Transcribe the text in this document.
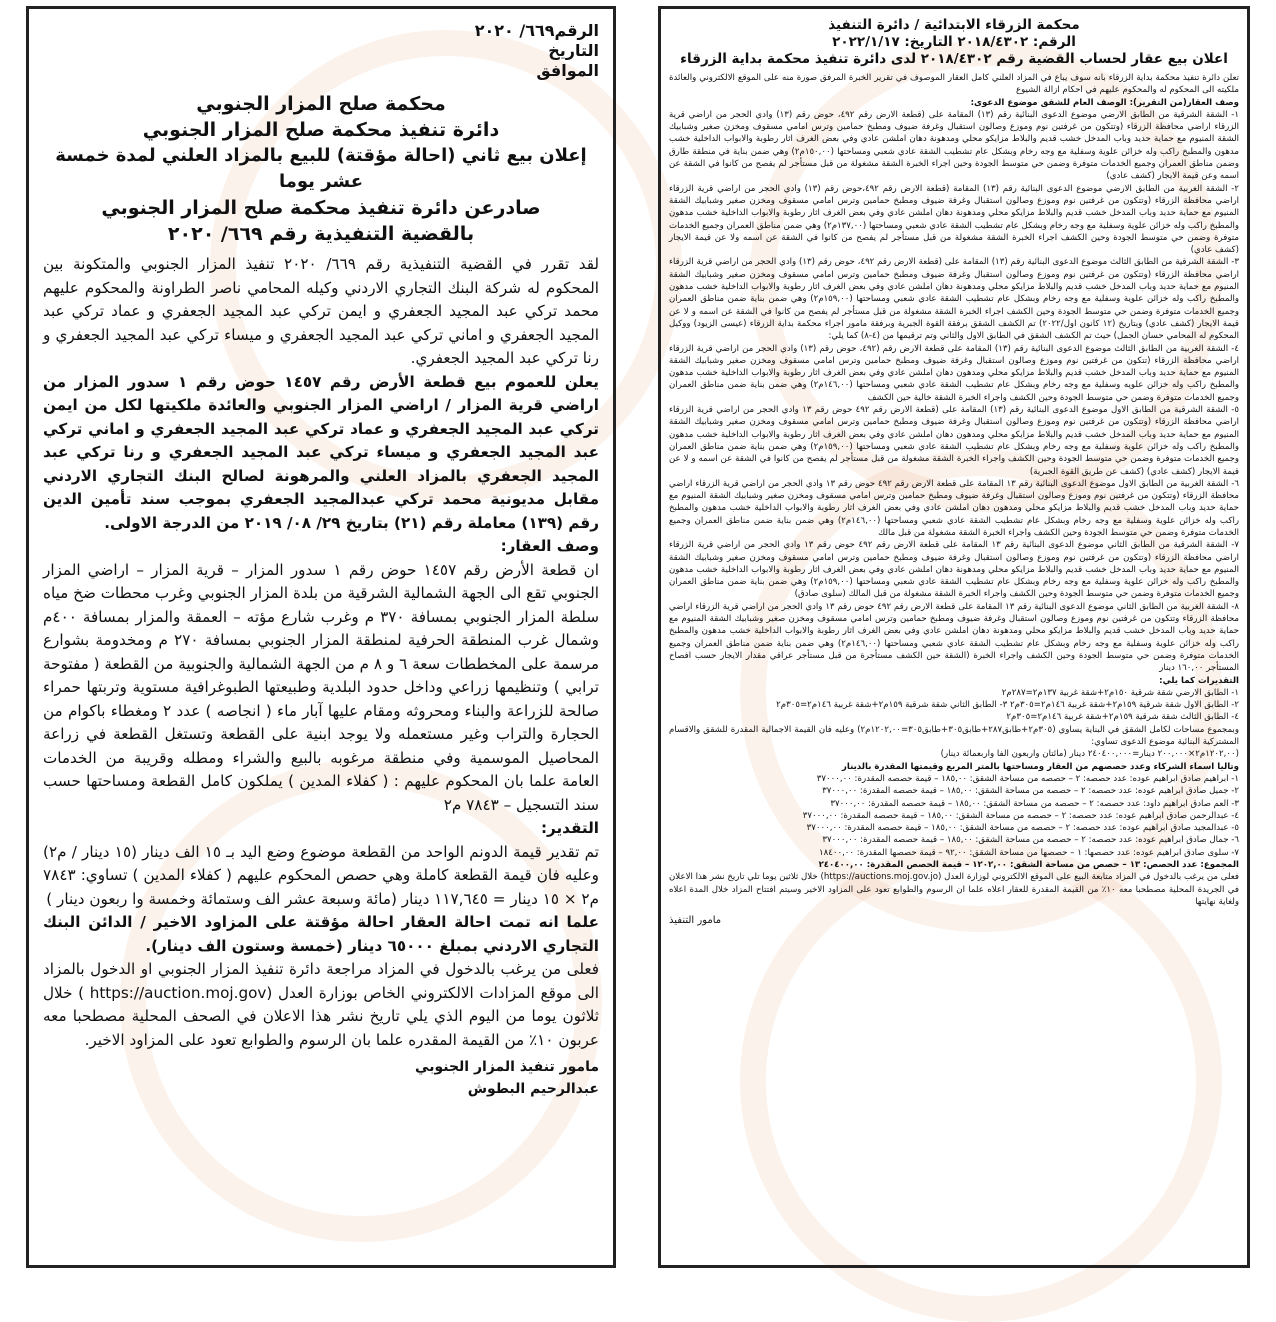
الرقم٦٦٩/ ٢٠٢٠
التاريخ
الموافق

محكمة صلح المزار الجنوبي

دائرة تنفيذ محكمة صلح المزار الجنوبي

إعلان بيع ثاني (احالة مؤقتة) للبيع بالمزاد العلني لمدة خمسة عشر يوما

صادرعن دائرة تنفيذ محكمة صلح المزار الجنوبي

بالقضية التنفيذية رقم ٦٦٩/ ٢٠٢٠

لقد تقرر في القضية التنفيذية رقم ٦٦٩/ ٢٠٢٠ تنفيذ المزار الجنوبي والمتكونة بين المحكوم له شركة البنك التجاري الاردني وكيله المحامي ناصر الطراونة والمحكوم عليهم محمد تركي عبد المجيد الجعفري و ايمن تركي عبد المجيد الجعفري و عماد تركي عبد المجيد الجعفري و اماني تركي عبد المجيد الجعفري و ميساء تركي عبد المجيد الجعفري و رنا تركي عبد المجيد الجعفري.

يعلن للعموم بيع قطعة الأرض رقم ١٤٥٧ حوض رقم ١ سدور المزار من اراضي قرية المزار / اراضي المزار الجنوبي والعائدة ملكيتها لكل من ايمن تركي عبد المجيد الجعفري و عماد تركي عبد المجيد الجعفري و اماني تركي عبد المجيد الجعفري و ميساء تركي عبد المجيد الجعفري و رنا تركي عبد المجيد الجعفري بالمزاد العلني والمرهونة لصالح البنك التجاري الاردني مقابل مديونية محمد تركي عبدالمجيد الجعفري بموجب سند تأمين الدين رقم (١٣٩) معاملة رقم (٢١) بتاريخ ٢٩/ ٠٨/ ٢٠١٩ من الدرجة الاولى.

وصف العقار:

ان قطعة الأرض رقم ١٤٥٧ حوض رقم ١ سدور المزار – قرية المزار – اراضي المزار الجنوبي تقع الى الجهة الشمالية الشرقية من بلدة المزار الجنوبي وغرب محطات ضخ مياه سلطة المزار الجنوبي بمسافة ٣٧٠ م وغرب شارع مؤته – العمقة والمزار بمسافة ٤٠٠م وشمال غرب المنطقة الحرفية لمنطقة المزار الجنوبي بمسافة ٢٧٠ م ومخدومة بشوارع مرسمة على المخططات سعة ٦ و ٨ م من الجهة الشمالية والجنوبية من القطعة ( مفتوحة ترابي ) وتنظيمها زراعي وداخل حدود البلدية وطبيعتها الطبوغرافية مستوية وتربتها حمراء صالحة للزراعة والبناء ومحروثه ومقام عليها آبار ماء ( انجاصه ) عدد ٢ ومغطاء باكوام من الحجارة والتراب وغير مستعمله ولا يوجد ابنية على القطعة وتستغل القطعة في زراعة المحاصيل الموسمية وفي منطقة مرغوبه بالبيع والشراء ومطله وقريبة من الخدمات العامة علما بان المحكوم عليهم : ( كفلاء المدين ) يملكون كامل القطعة ومساحتها حسب سند التسجيل – ٧٨٤٣ م٢

التقدير:

تم تقدير قيمة الدونم الواحد من القطعة موضوع وضع اليد بـ ١٥ الف دينار (١٥ دينار / م٢) وعليه فان قيمة القطعة كاملة وهي حصص المحكوم عليهم ( كفلاء المدين ) تساوي: ٧٨٤٣ م٢ × ١٥ دينار = ١١٧,٦٤٥ دينار (مائة وسبعة عشر الف وستمائة وخمسة وا ربعون دينار )

علما انه تمت احالة العقار احالة مؤقتة على المزاود الاخير / الدائن البنك التجاري الاردني بمبلغ ٦٥٠٠٠ دينار (خمسة وستون الف دينار).

فعلى من يرغب بالدخول في المزاد مراجعة دائرة تنفيذ المزار الجنوبي او الدخول بالمزاد الى موقع المزادات الالكتروني الخاص بوزارة العدل (https://auction.moj.gov ) خلال ثلاثون يوما من اليوم الذي يلي تاريخ نشر هذا الاعلان في الصحف المحلية مصطحبا معه عربون ١٠٪ من القيمة المقدره علما بان الرسوم والطوابع تعود على المزاود الاخير.

مامور تنفيذ المزار الجنوبي

عبدالرحيم البطوش

محكمة الزرقاء الابتدائية / دائرة التنفيذ

الرقم: ٢٠١٨/٤٣٠٢ التاريخ: ٢٠٢٢/١/١٧

اعلان بيع عقار لحساب القضية رقم ٢٠١٨/٤٣٠٢ لدى دائرة تنفيذ محكمة بداية الزرقاء

تعلن دائرة تنفيذ محكمة بداية الزرقاء بانه سوف يباع في المزاد العلني كامل العقار الموصوف في تقرير الخبرة المرفق صورة منه على الموقع الالكتروني والعائدة ملكيته الى المحكوم له والمحكوم عليهم في احكام ازالة الشيوع

وصف العقار(من التقرير): الوصف العام للشقق موضوع الدعوى:

١- الشقة الشرقية من الطابق الارضي موضوع الدعوى البنائية رقم (١٣) المقامة على (قطعة الارض رقم ٤٩٢، حوض رقم (١٣) وادي الحجر من اراضي قرية الزرقاء اراضي محافظة الزرقاء (وتتكون من غرفتين نوم وموزع وصالون استقبال وغرفة ضيوف ومطبخ حمامين وترس امامي مسقوف ومخزن صغير وشبابيك الشقة المنيوم مع حماية حديد وباب المدخل خشب قديم والبلاط مزايكو محلي ومدهونة دهان املشن عادي وفي بعض الغرف اثار رطوبة والابواب الداخلية خشب مدهون والمطبخ راكب وله خزائن علوية وسفلية مع وجه رخام وبشكل عام تشطيب الشقة عادي شعبي ومساحتها (١٥٠,٠٠م٢) وهي ضمن بناية في منطقة طارق وضمن مناطق العمران وجميع الخدمات متوفرة وضمن حي متوسط الجودة وحين اجراء الخبرة الشقة مشغولة من قبل مستأجر لم يفصح من كانوا في الشقة عن اسمه وعن قيمة الايجار (كشف عادي)

٢- الشقة الغربية من الطابق الارضي موضوع الدعوى البنائية رقم (١٣) المقامة (قطعة الارض رقم ٤٩٢،حوض رقم (١٣) وادي الحجر من اراضي قرية الزرقاء اراضي محافظة الزرقاء (وتتكون من غرفتين نوم وموزع وصالون استقبال وغرفة ضيوف ومطبخ حمامين وترس امامي مسقوف ومخزن صغير وشبابيك الشقة المنيوم مع حماية حديد وباب المدخل خشب قديم والبلاط مزايكو محلي ومدهونة دهان املشن عادي وفي بعض الغرف اثار رطوبة والابواب الداخلية خشب مدهون والمطبخ راكب وله خزائن علوية وسفلية مع وجه رخام وبشكل عام تشطيب الشقة عادي شعبي ومساحتها (١٣٧,٠٠م٢) وهي ضمن مناطق العمران وجميع الخدمات متوفرة وضمن حي متوسط الجودة وحين الكشف اجراء الخبرة الشقة مشغولة من قبل مستأجر لم يفصح من كانوا في الشقة عن اسمه ولا عن قيمة الايجار (كشف عادي)

٣- الشقة الشرقية من الطابق الثالث موضوع الدعوى البنائية رقم (١٣) المقامة على (قطعة الارض رقم ٤٩٢، حوض رقم (١٣) وادي الحجر من اراضي قرية الزرقاء اراضي محافظة الزرقاء (وتتكون من غرفتين نوم وموزع وصالون استقبال وغرفة ضيوف ومطبخ حمامين وترس امامي مسقوف ومخزن صغير وشبابيك الشقة المنيوم مع حماية حديد وباب المدخل خشب قديم والبلاط مزايكو محلي ومدهونة دهان املشن عادي وفي بعض الغرف اثار رطوبة والابواب الداخلية خشب مدهون والمطبخ راكب وله خزائن علوية وسفلية مع وجه رخام وبشكل عام تشطيب الشقة عادي شعبي ومساحتها (١٥٩,٠٠م٢) وهي ضمن بناية ضمن مناطق العمران وجميع الخدمات متوفرة وضمن حي متوسط الجودة وحين الكشف اجراء الخبرة الشقة مشغولة من قبل مستأجر لم يفصح من كانوا في الشقة عن اسمه و لا عن قيمة الايجار (كشف عادي) وبتاريخ (١٢ كانون اول/٢٠٢٢) تم الكشف الشقق برفقة القوة الجبرية وبرفقة مامور اجراء محكمة بداية الزرقاء (عيسى الزيود) ووكيل المحكوم له المحامي حسان الجمل) حيث تم الكشف الشقق في الطابق الاول والثاني وتم ترقيمها من (٤-٨) كما يلي:

٤- الشقة الغربية من الطابق الثالث موضوع الدعوى البنائية رقم (١٣) المقامة على قطعة الارض رقم (٤٩٢، حوض رقم (١٣) وادي الحجر من اراضي قرية الزرقاء اراضي محافظة الزرقاء (تتكون من غرفتين نوم وموزع وصالون استقبال وغرفة ضيوف ومطبخ حمامين وترس امامي مسقوف ومخزن صغير وشبابيك الشقة المنيوم مع حماية حديد وباب المدخل خشب قديم والبلاط مزايكو محلي ومدهون دهان املشن عادي وفي بعض الغرف اثار رطوبة والابواب الداخلية خشب مدهون والمطبخ راكب وله خزائن علويه وسفلية مع وجه رخام وبشكل عام تشطيب الشقة عادي شعبي ومساحتها (١٤٦,٠٠م٢) وهي ضمن بناية ضمن مناطق العمران وجميع الخدمات متوفرة وضمن حي متوسط الجودة وحين الكشف واجراء الخبرة الشقة خالية حين الكشف

٥- الشقة الشرقية من الطابق الاول موضوع الدعوى البنائية رقم (١٣) المقامة على (قطعة الارض رقم ٤٩٢ حوض رقم ١٣ وادي الحجر من اراضي قرية الزرقاء اراضي محافظة الزرقاء (وتتكون من غرفتين نوم وموزع وصالون استقبال وغرفة ضيوف ومطبخ حمامين وترس امامي مسقوف ومخزن صغير وشبابيك الشقة المنيوم مع حماية حديد وباب المدخل خشب قديم والبلاط مزايكو محلي ومدهون دهان املشن عادي وفي بعض الغرف اثار رطوبة والابواب الداخلية خشب مدهون والمطبخ راكب وله خزائن علوية وسفلية مع وجه رخام وبشكل عام تشطيب الشقة عادي شعبي ومساحتها (١٥٩,٠٠م٢) وهي ضمن بناية ضمن مناطق العمران وجميع الخدمات متوفرة وضمن حي متوسط الجودة وحين الكشف واجراء الخبرة الشقة مشغولة من قبل مستأجر لم يفصح من كانوا في الشقة عن اسمه و لا عن قيمة الايجار (كشف عادي) (كشف عن طريق القوة الجبرية)

٦- الشقة الغربية من الطابق الاول موضوع الدعوى البنائية رقم ١٣ المقامة على قطعة الارض رقم ٤٩٢ حوض رقم ١٣ وادي الحجر من اراضي قرية الزرقاء اراضي محافظة الزرقاء (وتتكون من غرفتين نوم وموزع وصالون استقبال وغرفة ضيوف ومطبخ حمامين وترس امامي مسقوف ومخزن صغير وشبابيك الشقة المنيوم مع حماية حديد وباب المدخل خشب قديم والبلاط مزايكو محلي ومدهون دهان املشن عادي وفي بعض الغرف اثار رطوبة والابواب الداخلية خشب مدهون والمطبخ راكب وله خزائن علوية وسفلية مع وجه رخام وبشكل عام تشطيب الشقة عادي شعبي ومساحتها (١٤٦,٠٠م٢) وهي ضمن بناية ضمن مناطق العمران وجميع الخدمات متوفرة وضمن حي متوسط الجودة وحين الكشف واجراء الخبرة الشقة مشغولة من قبل مالك

٧- الشقة الشرقية من الطابق الثاني موضوع الدعوى البنائية رقم ١٣ المقامة على قطعة الارض رقم ٤٩٢ حوض رقم ١٣ وادي الحجر من اراضي قرية الزرقاء اراضي محافظة الزرقاء (وتتكون من غرفتين نوم وموزع وصالون استقبال وغرفة ضيوف ومطبخ حمامين وترس امامي مسقوف ومخزن صغير وشبابيك الشقة المنيوم مع حماية حديد وباب المدخل خشب قديم والبلاط مزايكو محلي ومدهونة دهان املشن عادي وفي بعض الغرف اثار رطوبة والابواب الداخلية خشب مدهون والمطبخ راكب وله خزائن علوية وسفلية مع وجه رخام وبشكل عام تشطيب الشقة عادي شعبي ومساحتها (١٥٩,٠٠م٢) وهي ضمن بناية ضمن مناطق العمران وجميع الخدمات متوفرة وضمن حي متوسط الجودة وحين الكشف واجراء الخبرة الشقة مشغولة من قبل المالك (سلوى صادق)

٨- الشقة الغربية من الطابق الثاني موضوع الدعوى البنائية رقم ١٣ المقامة على قطعة الارض رقم ٤٩٢ حوض رقم ١٣ وادي الحجر من اراضي قرية الزرقاء اراضي محافظة الزرقاء وتتكون من غرفتين نوم وموزع وصالون استقبال وغرفة ضيوف ومطبخ حمامين وترس امامي مسقوف ومخزن صغير وشبابيك الشقة المنيوم مع حماية حديد وباب المدخل خشب قديم والبلاط مزايكو محلي ومدهونة دهان املشن عادي وفي بعض الغرف اثار رطوبة والابواب الداخلية خشب مدهون والمطبخ راكب وله خزائن علوية وسفلية مع وجه رخام وبشكل عام تشطيب الشقة عادي شعبي ومساحتها (١٤٦,٠٠م٢) وهي ضمن بناية ضمن مناطق العمران وجميع الخدمات متوفرة وضمن حي متوسط الجودة وحين الكشف واجراء الخبرة (الشقة حين الكشف مستأجرة من قبل مستأجر عراقي مقدار الايجار حسب افصاح المستأجر ١٦٠,٠٠ دينار

التقديرات كما يلي:

١- الطابق الارضي شقة شرقية ١٥٠م٢+شقة غربية ١٣٧م٢=٢٨٧م٢

٢- الطابق الاول شقة شرقية ١٥٩م٢+شقة غربية ١٤٦م٢=٣٠٥م٢ ٣- الطابق الثاني شقة شرقية ١٥٩م٢+شقة غربية ١٤٦م٢=٣٠٥م٢

٤- الطابق الثالث شقة شرقية ١٥٩م٢+شقة غربية ١٤٦م٢=٣٠٥م٢

وبمجموع مساحات لكامل الشقق في البناية يساوي (٣٠٥م٢+طابق٢٨٧+طابق٣٠٥+طابق٣٠٥=١٢٠٢,٠٠م٢) وعليه فان القيمة الاجمالية المقدرة للشقق والاقسام المشتركية البنائية موضوع الدعوى تساوي:

(١٢٠٢,٠٠م٢×٢٠٠,٠٠٠ دينار=٢٤٠٤٠٠,٠٠٠ دينار (مائتان واربعون الفا واربعمائة دينار)

وتاليا اسماء الشركاء وعدد حصصهم من العقار ومساحتها بالمتر المربع وقيمتها المقدرة بالدينار

١- ابراهيم صادق ابراهيم عوده: عدد حصصه: ٢ – حصصه من مساحة الشقق: ١٨٥,٠٠ – قيمة حصصه المقدرة: ٣٧٠٠٠,٠٠

٢- جميل صادق ابراهيم عوده: عدد حصصه: ٢ – حصصه من مساحة الشقق: ١٨٥,٠٠ – قيمة حصصه المقدرة: ٣٧٠٠٠,٠٠

٣- العم صادق ابراهيم داود: عدد حصصه: ٢ – حصصه من مساحة الشقق: ١٨٥,٠٠ – قيمة حصصه المقدرة: ٣٧٠٠٠,٠٠

٤- عبدالرحمن صادق ابراهيم عوده: عدد حصصه: ٢ – حصصه من مساحة الشقق: ١٨٥,٠٠ – قيمة حصصه المقدرة: ٣٧٠٠٠,٠٠

٥- عبدالمجيد صادق ابراهيم عوده: عدد حصصه: ٢ – حصصه من مساحة الشقق: ١٨٥,٠٠ – قيمة حصصه المقدرة: ٣٧٠٠٠,٠٠

٦- جمال صادق ابراهيم عوده: عدد حصصه: ٢ – حصصه من مساحة الشقق: ١٨٥,٠٠ – قيمة حصصه المقدرة: ٣٧٠٠٠,٠٠

٧- سلوى صادق ابراهيم عوده: عدد حصصها: ١ – حصصها من مساحة الشقق: ٩٢,٠٠ – قيمة حصصها المقدرة: ١٨٤٠٠,٠٠

المجموع: عدد الحصص: ١٣ – حصص من مساحة الشقق: ١٢٠٢,٠٠ – قيمة الحصص المقدرة: ٢٤٠٤٠٠,٠٠

فعلى من يرغب بالدخول في المزاد متابعة البيع على الموقع الالكتروني لوزارة العدل (https://auctions.moj.gov.jo) خلال ثلاثين يوما تلي تاريخ نشر هذا الاعلان في الجريدة المحلية مصطحبا معه ١٠٪ من القيمة المقدرة للعقار اعلاه علما ان الرسوم والطوابع تعود على المزاود الاخير وسيتم افتتاح المزاد خلال المدة اعلاه ولغاية نهايتها

مامور التنفيذ
